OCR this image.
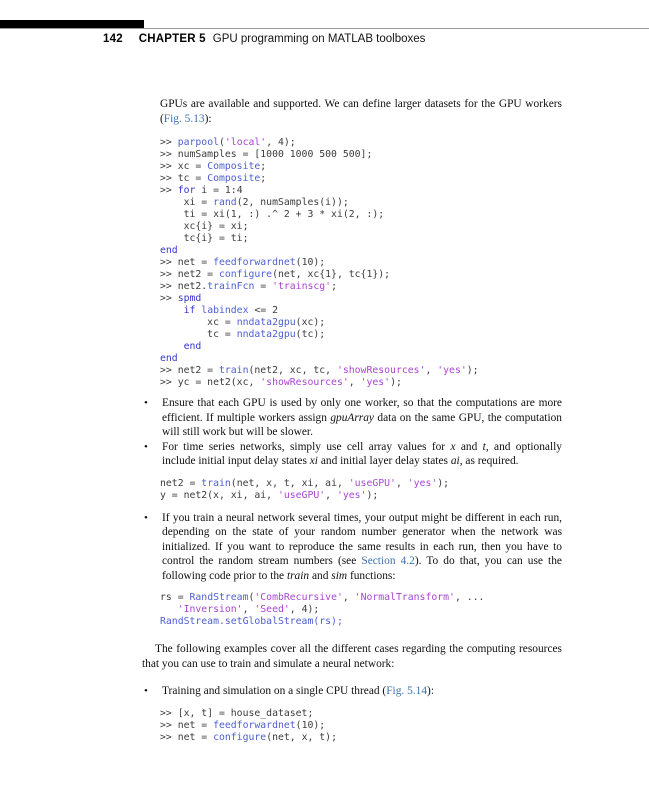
142 CHAPTER 5 GPU programming on MATLAB toolboxes
GPUs are available and supported. We can define larger datasets for the GPU workers (Fig. 5.13):
>> parpool('local', 4);
>> numSamples = [1000 1000 500 500];
>> xc = Composite;
>> tc = Composite;
>> for i = 1:4
xi = rand(2, numSamples(i));
ti = xi(1, :) .^ 2 + 3 * xi(2, :);
xc{i} = xi;
tc{i} = ti;
end
>> net = feedforwardnet(10);
>> net2 = configure(net, xc{1}, tc{1});
>> net2.trainFcn = 'trainscg';
>> spmd
if labindex <= 2
xc = nndata2gpu(xc);
tc = nndata2gpu(tc);
end
end
>> net2 = train(net2, xc, tc, 'showResources', 'yes');
>> yc = net2(xc, 'showResources', 'yes');
•	Ensure that each GPU is used by only one worker, so that the computations are more efficient. If multiple workers assign gpuArray data on the same GPU, the computation will still work but will be slower.
•	For time series networks, simply use cell array values for x and t, and optionally include initial input delay states xi and initial layer delay states ai, as required.
net2 = train(net, x, t, xi, ai, 'useGPU', 'yes');
y = net2(x, xi, ai, 'useGPU', 'yes');
•	If you train a neural network several times, your output might be different in each run, depending on the state of your random number generator when the network was initialized. If you want to reproduce the same results in each run, then you have to control the random stream numbers (see Section 4.2). To do that, you can use the following code prior to the train and sim functions:
rs = RandStream('CombRecursive', 'NormalTransform', ...
'Inversion', 'Seed', 4);
RandStream.setGlobalStream(rs);
The following examples cover all the different cases regarding the computing resources that you can use to train and simulate a neural network:
•	Training and simulation on a single CPU thread (Fig. 5.14):
>> [x, t] = house_dataset;
>> net = feedforwardnet(10);
>> net = configure(net, x, t);
